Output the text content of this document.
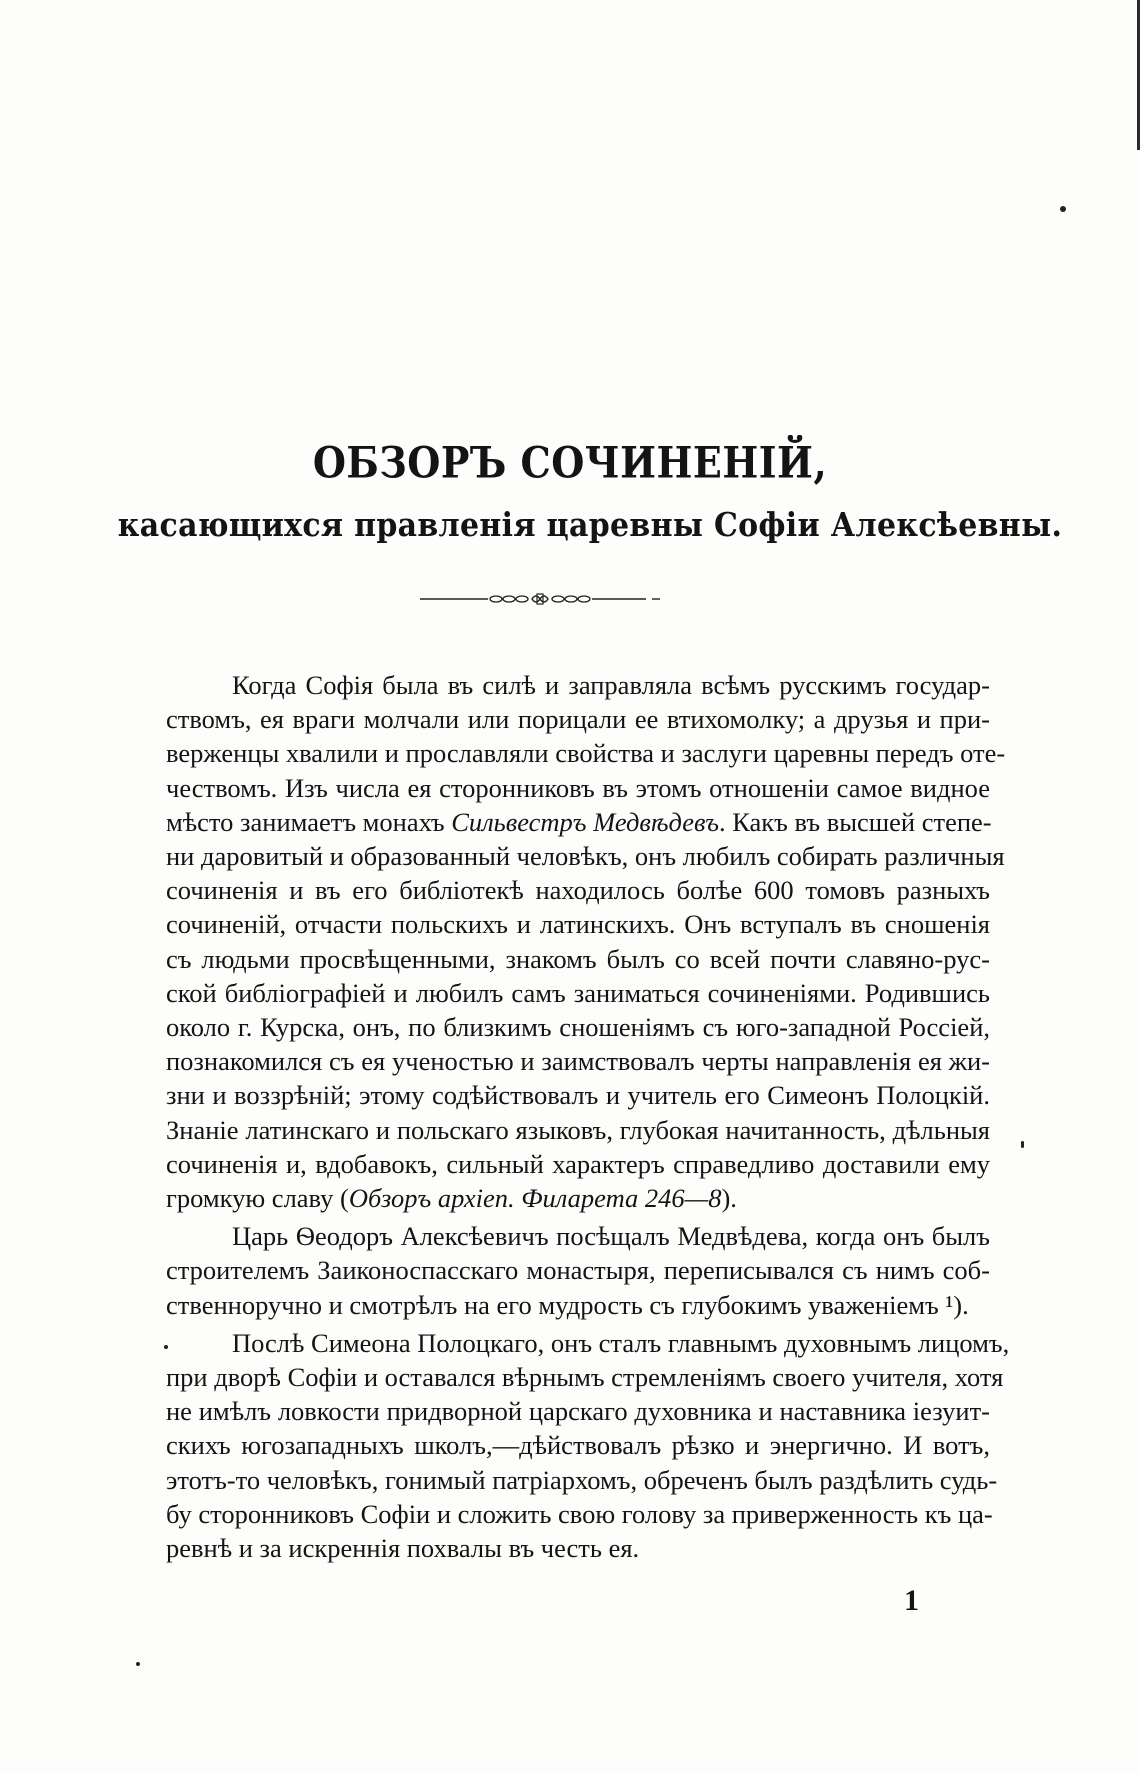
ОБЗОРЪ СОЧИНЕНІЙ,
касающихся правленія царевны Софіи Алексѣевны.

Когда Софія была въ силѣ и заправляла всѣмъ русскимъ государ-
ствомъ, ея враги молчали или порицали ее втихомолку; а друзья и при-
верженцы хвалили и прославляли свойства и заслуги царевны передъ оте-
чествомъ. Изъ числа ея сторонниковъ въ этомъ отношеніи самое видное
мѣсто занимаетъ монахъ Сильвестръ Медвѣдевъ. Какъ въ высшей степе-
ни даровитый и образованный человѣкъ, онъ любилъ собирать различныя
сочиненія и въ его библіотекѣ находилось болѣе 600 томовъ разныхъ
сочиненій, отчасти польскихъ и латинскихъ. Онъ вступалъ въ сношенія
съ людьми просвѣщенными, знакомъ былъ со всей почти славяно-рус-
ской библіографіей и любилъ самъ заниматься сочиненіями. Родившись
около г. Курска, онъ, по близкимъ сношеніямъ съ юго-западной Россіей,
познакомился съ ея ученостью и заимствовалъ черты направленія ея жи-
зни и воззрѣній; этому содѣйствовалъ и учитель его Симеонъ Полоцкій.
Знаніе латинскаго и польскаго языковъ, глубокая начитанность, дѣльныя
сочиненія и, вдобавокъ, сильный характеръ справедливо доставили ему
громкую славу (Обзоръ архіеп. Филарета 246—8).

Царь Ѳеодоръ Алексѣевичъ посѣщалъ Медвѣдева, когда онъ былъ
строителемъ Заиконоспасскаго монастыря, переписывался съ нимъ соб-
ственноручно и смотрѣлъ на его мудрость съ глубокимъ уваженіемъ ¹).

Послѣ Симеона Полоцкаго, онъ сталъ главнымъ духовнымъ лицомъ,
при дворѣ Софіи и оставался вѣрнымъ стремленіямъ своего учителя, хотя
не имѣлъ ловкости придворной царскаго духовника и наставника іезуит-
скихъ югозападныхъ школъ,—дѣйствовалъ рѣзко и энергично. И вотъ,
этотъ-то человѣкъ, гонимый патріархомъ, обреченъ былъ раздѣлить судь-
бу сторонниковъ Софіи и сложить свою голову за приверженность къ ца-
ревнѣ и за искреннія похвалы въ честь ея.

1
